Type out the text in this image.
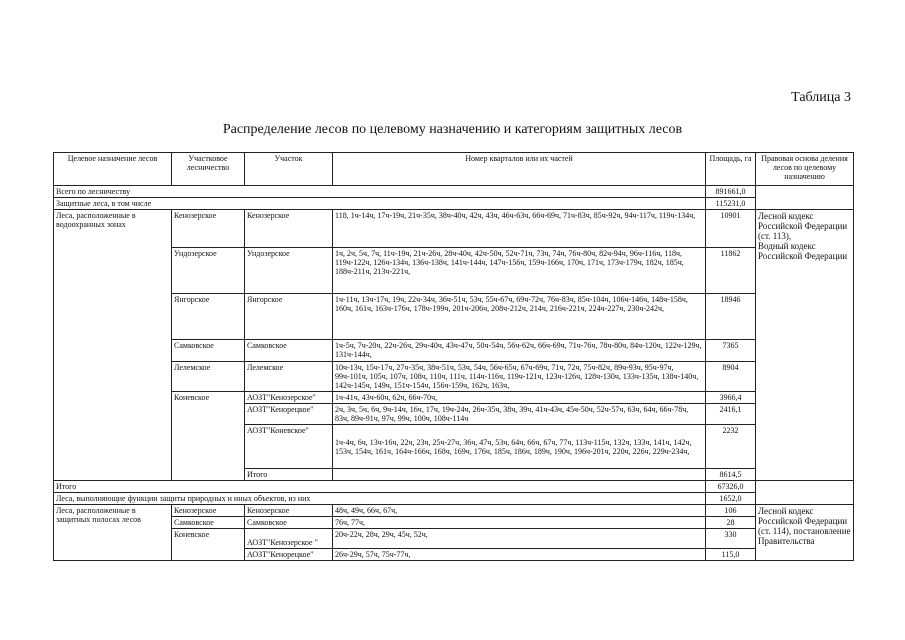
Таблица 3
Распределение лесов по целевому назначению и категориям защитных лесов
Целевое назначение лесов	Участковое лесничество	Участок	Номер кварталов или их частей	Площадь, га	Правовая основа деления лесов по целевому назначению
Всего по лесничеству				891661,0	
Защитные леса, в том числе				115231,0	
Леса, расположенные в водоохранных зонах	Кенозерское	Кенозерское	118, 1ч-14ч, 17ч-19ч, 21ч-35ч, 38ч-40ч, 42ч, 43ч, 46ч-63ч, 66ч-69ч, 71ч-83ч, 85ч-92ч, 94ч-117ч, 119ч-134ч,	10901	Лесной кодекс Российской Федерации (ст. 113),
Водный кодекс Российской Федерации

	Ундозерское	Ундозерское	1ч, 2ч, 5ч, 7ч, 11ч-19ч, 21ч-26ч, 28ч-40ч, 42ч-50ч, 52ч-71ч, 73ч, 74ч, 76ч-80ч, 82ч-94ч, 96ч-116ч, 118ч, 119ч-122ч, 126ч-134ч, 136ч-138ч, 141ч-144ч, 147ч-156ч, 159ч-166ч, 170ч, 171ч, 173ч-179ч, 182ч, 185ч, 188ч-211ч, 213ч-221ч,	11862	
	Янгорское	Янгорское	1ч-11ч, 13ч-17ч, 19ч, 22ч-34ч, 36ч-51ч, 53ч, 55ч-67ч, 69ч-72ч, 76ч-83ч, 85ч-104ч, 106ч-146ч, 148ч-158ч, 160ч, 161ч, 163ч-176ч, 178ч-199ч, 201ч-206ч, 208ч-212ч, 214ч, 216ч-221ч, 224ч-227ч, 230ч-242ч,	18946	
	Самковское	Самковское	1ч-5ч, 7ч-20ч, 22ч-26ч, 29ч-40ч, 43ч-47ч, 50ч-54ч, 56ч-62ч, 66ч-69ч, 71ч-76ч, 78ч-80ч, 84ч-120ч, 122ч-129ч, 131ч-144ч,	7365	
	Лелемское	Лелемское	10ч-13ч, 15ч-17ч, 27ч-35ч, 38ч-51ч, 53ч, 54ч, 56ч-65ч, 67ч-69ч, 71ч, 72ч, 75ч-82ч, 89ч-93ч, 95ч-97ч, 99ч-101ч, 105ч, 107ч, 108ч, 110ч, 111ч, 114ч-116ч, 119ч-121ч, 123ч-126ч, 128ч-130ч, 133ч-135ч, 138ч-140ч, 142ч-145ч, 149ч, 151ч-154ч, 156ч-159ч, 162ч, 163ч,	8904	
	Коневское	АОЗТ"Кенозерское"	1ч-41ч, 43ч-60ч, 62ч, 66ч-70ч,	3966,4	
		АОЗТ"Кенорецкое"	2ч, 3ч, 5ч, 6ч, 9ч-14ч, 16ч, 17ч, 19ч-24ч, 26ч-35ч, 38ч, 39ч, 41ч-43ч, 45ч-50ч, 52ч-57ч, 63ч, 64ч, 66ч-78ч, 83ч, 89ч-91ч, 97ч, 99ч, 100ч, 108ч-114ч	2416,1	
		АОЗТ"Коневское"	1ч-4ч, 6ч, 13ч-16ч, 22ч, 23ч, 25ч-27ч, 36ч, 47ч, 53ч, 64ч, 66ч, 67ч, 77ч, 113ч-115ч, 132ч, 133ч, 141ч, 142ч, 153ч, 154ч, 161ч, 164ч-166ч, 168ч, 169ч, 176ч, 185ч, 186ч, 189ч, 190ч, 196ч-201ч, 220ч, 226ч, 229ч-234ч,	2232	
		Итого		8614,5	
Итого				67326,0	
Леса, выполняющие функции защиты природных и иных объектов, из них				1652,0	
Леса, расположенные в защитных полосах лесов	Кенозерское	Кенозерское	48ч, 49ч, 66ч, 67ч,	106	Лесной кодекс Российской Федерации (ст. 114), постановление Правительства
	Самковское	Самковское	76ч, 77ч,	28	
	Коневское	АОЗТ"Кенозерское "	20ч-22ч, 28ч, 29ч, 45ч, 52ч,	330	
		АОЗТ"Кенорецкое"	26ч-29ч, 57ч, 75ч-77ч,	115,0	
